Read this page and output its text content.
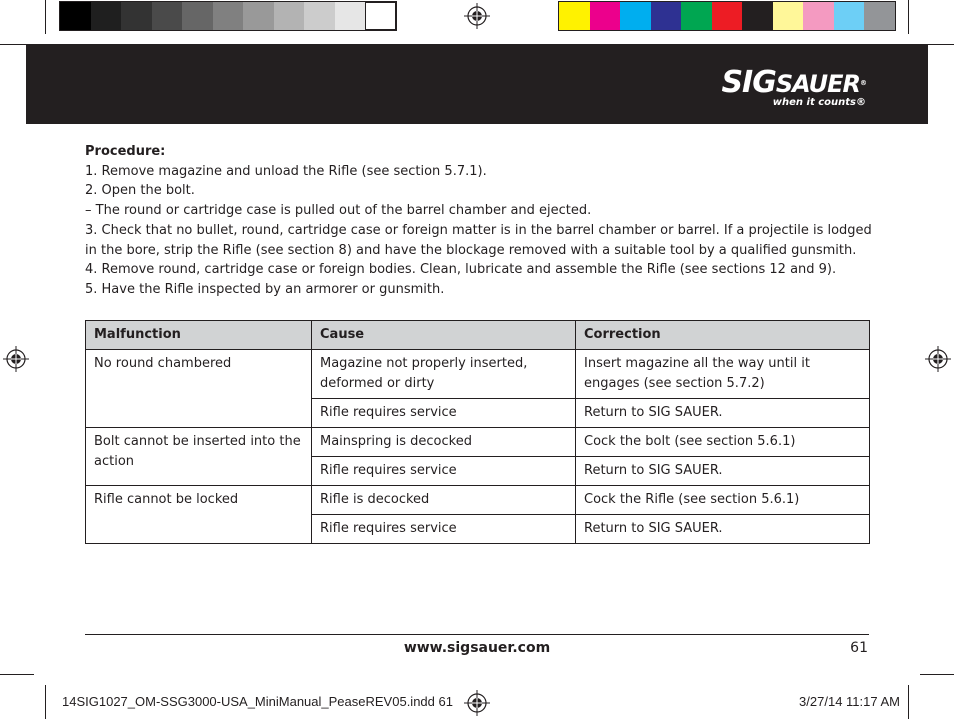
SIGSAUER®
when it counts®

Procedure:

1. Remove magazine and unload the Rifle (see section 5.7.1).

2. Open the bolt.

– The round or cartridge case is pulled out of the barrel chamber and ejected.

3. Check that no bullet, round, cartridge case or foreign matter is in the barrel chamber or barrel. If a projectile is lodged in the bore, strip the Rifle (see section 8) and have the blockage removed with a suitable tool by a qualified gunsmith.

4. Remove round, cartridge case or foreign bodies. Clean, lubricate and assemble the Rifle (see sections 12 and 9).

5. Have the Rifle inspected by an armorer or gunsmith.

Malfunction	Cause	Correction
No round chambered	Magazine not properly inserted, deformed or dirty	Insert magazine all the way until it engages (see section 5.7.2)
	Rifle requires service	Return to SIG SAUER.
Bolt cannot be inserted into the action	Mainspring is decocked	Cock the bolt (see section 5.6.1)
	Rifle requires service	Return to SIG SAUER.
Rifle cannot be locked	Rifle is decocked	Cock the Rifle (see section 5.6.1)
	Rifle requires service	Return to SIG SAUER.
www.sigsauer.com	61
14SIG1027_OM-SSG3000-USA_MiniManual_PeaseREV05.indd 61	3/27/14 11:17 AM
